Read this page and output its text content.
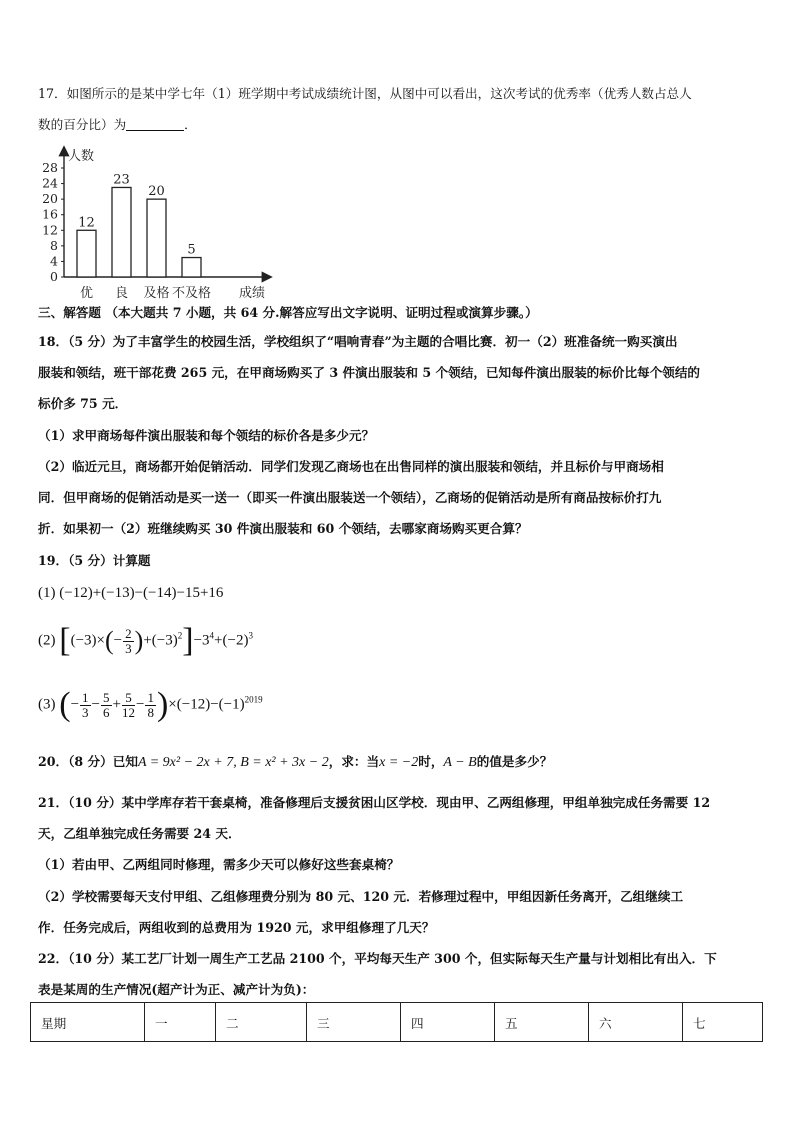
17．如图所示的是某中学七年（1）班学期中考试成绩统计图，从图中可以看出，这次考试的优秀率（优秀人数占总人
数的百分比）为	．
人数
0
4
8
12
16
20
24
28
12
优
23
良
20
及格
5
不及格 成绩
三、解答题 （本大题共 7 小题，共 64 分.解答应写出文字说明、证明过程或演算步骤。）
18．（5 分）为了丰富学生的校园生活，学校组织了“唱响青春”为主题的合唱比赛．初一（2）班准备统一购买演出
服装和领结，班干部花费 265 元，在甲商场购买了 3 件演出服装和 5 个领结，已知每件演出服装的标价比每个领结的
标价多 75 元．
（1）求甲商场每件演出服装和每个领结的标价各是多少元？
（2）临近元旦，商场都开始促销活动．同学们发现乙商场也在出售同样的演出服装和领结，并且标价与甲商场相
同．但甲商场的促销活动是买一送一（即买一件演出服装送一个领结），乙商场的促销活动是所有商品按标价打九
折．如果初一（2）班继续购买 30 件演出服装和 60 个领结，去哪家商场购买更合算？
19．（5 分）计算题
(1) (−12)+(−13)−(−14)−15+16
(2) $[(-3)\times(- \frac{2}{3} )+(-3)^2]-3^4+(-2)^3$
(3) (− $\frac{1}{3} - \frac{5}{6} + \frac{5}{12} - \frac{1}{8} )\times(-12)-(-1)^{2019}$
20．（8 分）已知A = 9x² − 2x + 7, B = x² + 3x − 2，求：当x = −2时，A − B的值是多少？
21．（10 分）某中学库存若干套桌椅，准备修理后支援贫困山区学校．现由甲、乙两组修理，甲组单独完成任务需要 12
天，乙组单独完成任务需要 24 天．
（1）若由甲、乙两组同时修理，需多少天可以修好这些套桌椅？
（2）学校需要每天支付甲组、乙组修理费分别为 80 元、120 元．若修理过程中，甲组因新任务离开，乙组继续工
作．任务完成后，两组收到的总费用为 1920 元，求甲组修理了几天？
22．（10 分）某工艺厂计划一周生产工艺品 2100 个，平均每天生产 300 个，但实际每天生产量与计划相比有出入．下
表是某周的生产情况(超产计为正、减产计为负)：
星期	一	二	三	四	五	六	七
